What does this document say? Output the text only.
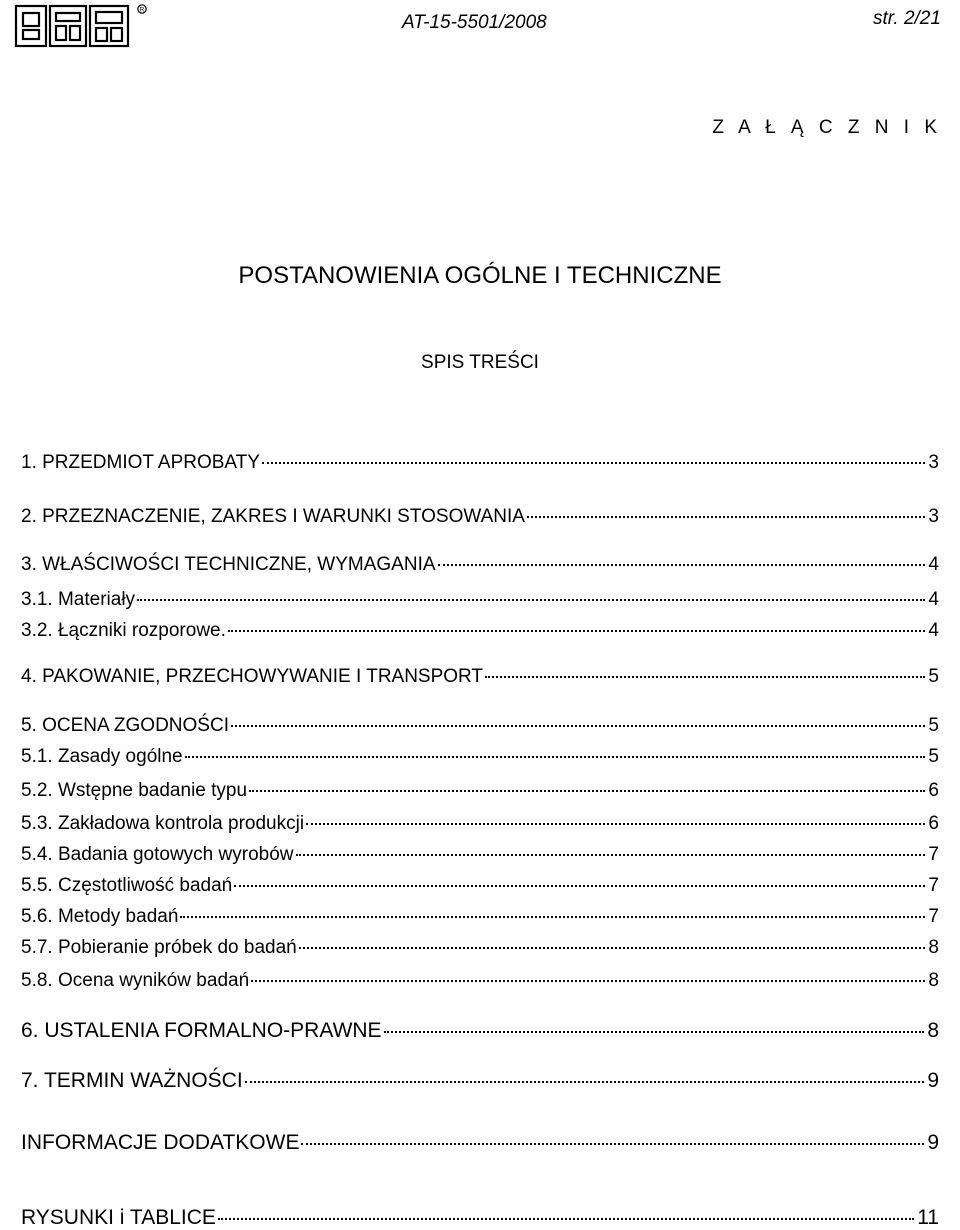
R
AT-15-5501/2008	str. 2/21
Z A Ł Ą C Z N I K
POSTANOWIENIA OGÓLNE I TECHNICZNE
SPIS TREŚCI
1. PRZEDMIOT APROBATY	3
2. PRZEZNACZENIE, ZAKRES I WARUNKI STOSOWANIA	3
3. WŁAŚCIWOŚCI TECHNICZNE, WYMAGANIA	4
3.1. Materiały	4
3.2. Łączniki rozporowe.	4
4. PAKOWANIE, PRZECHOWYWANIE I TRANSPORT	5
5. OCENA ZGODNOŚCI	5
5.1. Zasady ogólne	5
5.2. Wstępne badanie typu	6
5.3. Zakładowa kontrola produkcji	6
5.4. Badania gotowych wyrobów	7
5.5. Częstotliwość badań	7
5.6. Metody badań	7
5.7. Pobieranie próbek do badań	8
5.8. Ocena wyników badań	8
6. USTALENIA FORMALNO-PRAWNE	8
7. TERMIN WAŻNOŚCI	9
INFORMACJE DODATKOWE	9
RYSUNKI i TABLICE	11
